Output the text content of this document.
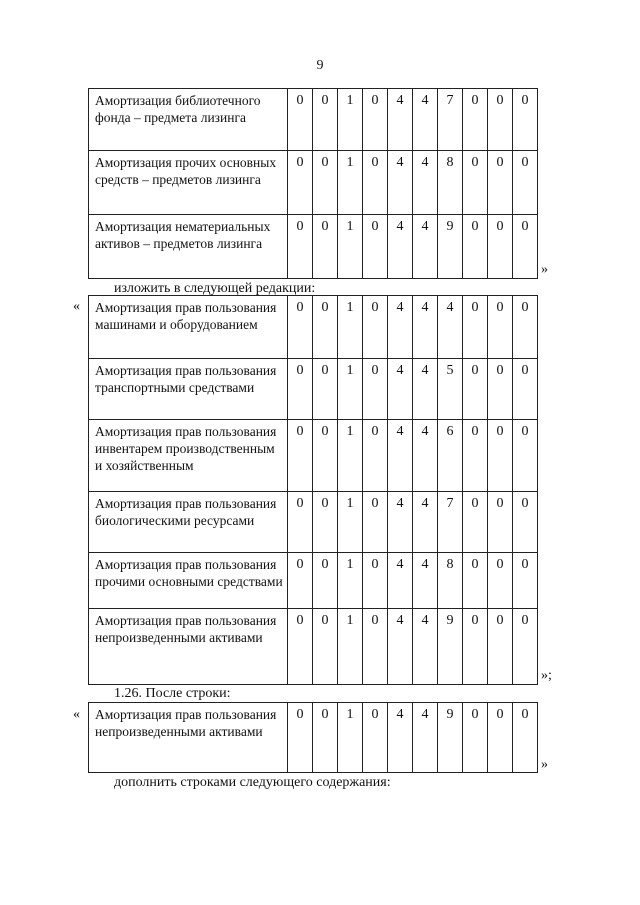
9
Амортизация библиотечного фонда – предмета лизинга	0	0	1	0	4	4	7	0	0	0
Амортизация прочих основных средств – предметов лизинга	0	0	1	0	4	4	8	0	0	0
Амортизация нематериальных активов – предметов лизинга	0	0	1	0	4	4	9	0	0	0
»
изложить в следующей редакции:
« Амортизация прав пользования машинами и оборудованием	0	0	1	0	4	4	4	0	0	0
Амортизация прав пользования транспортными средствами	0	0	1	0	4	4	5	0	0	0
Амортизация прав пользования инвентарем производственным и хозяйственным	0	0	1	0	4	4	6	0	0	0
Амортизация прав пользования биологическими ресурсами	0	0	1	0	4	4	7	0	0	0
Амортизация прав пользования прочими основными средствами	0	0	1	0	4	4	8	0	0	0
Амортизация прав пользования непроизведенными активами	0	0	1	0	4	4	9	0	0	0
»;
1.26. После строки:
« Амортизация прав пользования непроизведенными активами	0	0	1	0	4	4	9	0	0	0
»
дополнить строками следующего содержания:
